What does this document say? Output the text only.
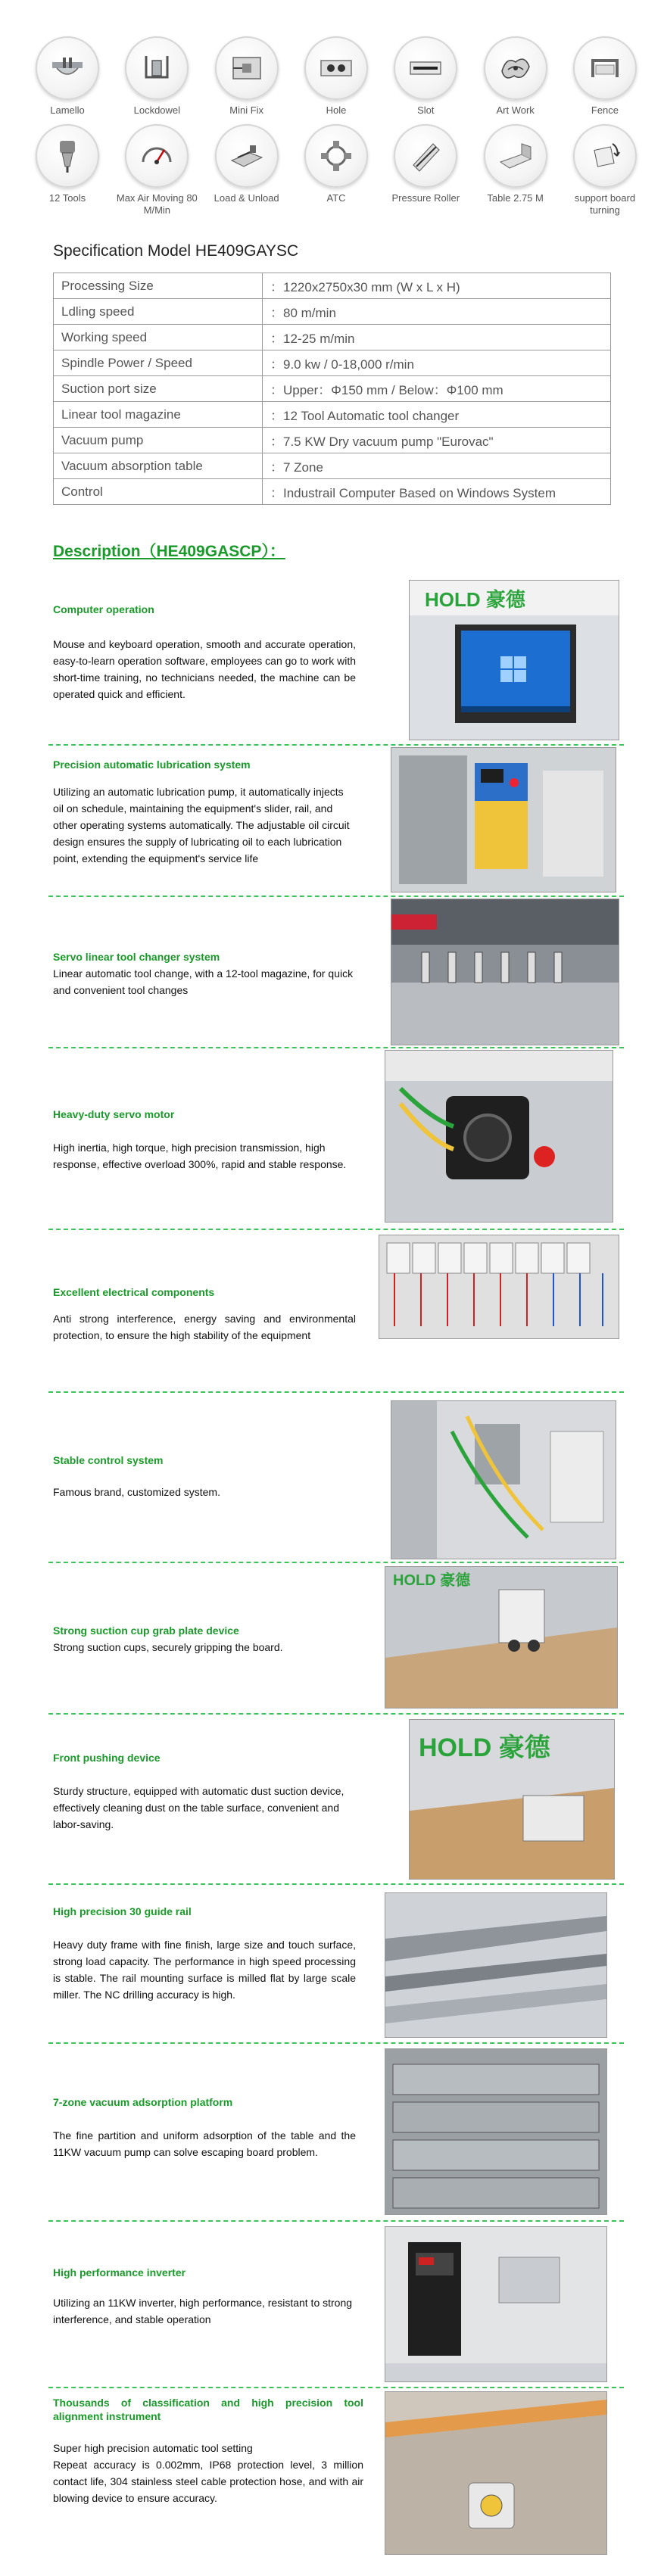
Lamello	Lockdowel	Mini Fix	Hole	Slot	Art Work	Fence
12 Tools	Max Air Moving 80 M/Min
Load & Unload	ATC	Pressure Roller	Table 2.75 M	support board turning
Specification Model HE409GAYSC
Processing Size	：1220x2750x30 mm (W x L x H)
Ldling speed	：80 m/min
Working speed	：12-25 m/min
Spindle Power / Speed	：9.0 kw / 0-18,000 r/min
Suction port size	：Upper：Φ150 mm / Below：Φ100 mm
Linear tool magazine	：12 Tool Automatic tool changer
Vacuum pump	：7.5 KW Dry vacuum pump "Eurovac"
Vacuum absorption table	：7 Zone
Control	：Industrail Computer Based on Windows System
Description（HE409GASCP）：
Computer operation
Mouse and keyboard operation, smooth and accurate operation, easy-to-learn operation software, employees can go to work with short-time training, no technicians needed, the machine can be operated quick and efficient.
HOLD 豪德
Precision automatic lubrication system
Utilizing an automatic lubrication pump, it automatically injects oil on schedule, maintaining the equipment's slider, rail, and other operating systems automatically. The adjustable oil circuit design ensures the supply of lubricating oil to each lubrication point, extending the equipment's service life
Servo linear tool changer system
Linear automatic tool change, with a 12-tool magazine, for quick and convenient tool changes
Heavy-duty servo motor
High inertia, high torque, high precision transmission, high response, effective overload 300%, rapid and stable response.
Excellent electrical components
Anti strong interference, energy saving and environmental protection, to ensure the high stability of the equipment
Stable control system
Famous brand, customized system.
Strong suction cup grab plate device
Strong suction cups, securely gripping the board.
HOLD 豪德
Front pushing device
Sturdy structure, equipped with automatic dust suction device, effectively cleaning dust on the table surface, convenient and labor-saving.
HOLD 豪德
High precision 30 guide rail
Heavy duty frame with fine finish, large size and touch surface, strong load capacity. The performance in high speed processing is stable. The rail mounting surface is milled flat by large scale miller. The NC drilling accuracy is high.
7-zone vacuum adsorption platform
The fine partition and uniform adsorption of the table and the 11KW vacuum pump can solve escaping board problem.
High performance inverter
Utilizing an 11KW inverter, high performance, resistant to strong interference, and stable operation
Thousands of classification and high precision tool alignment instrument
Super high precision automatic tool setting
Repeat accuracy is 0.002mm, IP68 protection level, 3 million contact life, 304 stainless steel cable protection hose, and with air blowing device to ensure accuracy.
